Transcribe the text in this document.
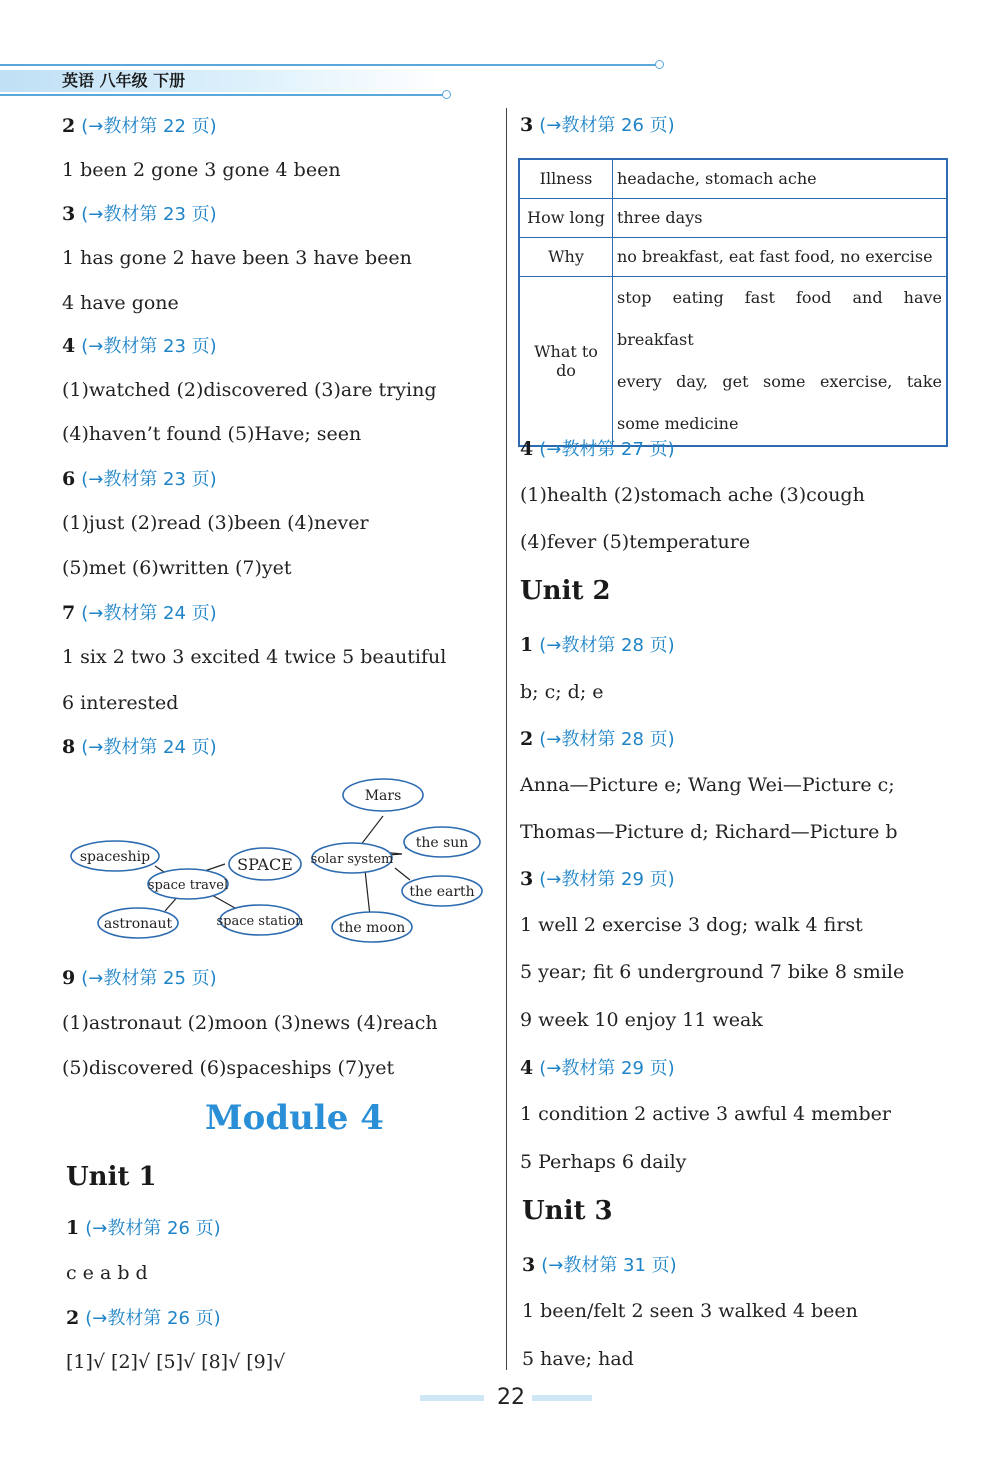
英语 八年级 下册
2 (→教材第 22 页)
1 been 2 gone 3 gone 4 been
3 (→教材第 23 页)
1 has gone 2 have been 3 have been
4 have gone
4 (→教材第 23 页)
(1)watched (2)discovered (3)are trying
(4)haven’t found (5)Have; seen
6 (→教材第 23 页)
(1)just (2)read (3)been (4)never
(5)met (6)written (7)yet
7 (→教材第 24 页)
1 six 2 two 3 excited 4 twice 5 beautiful
6 interested
8 (→教材第 24 页)
Mars
spaceship	SPACE solar system
the sun
space travel	the earth
astronaut	space station	the moon
9 (→教材第 25 页)
(1)astronaut (2)moon (3)news (4)reach
(5)discovered (6)spaceships (7)yet
Module 4
Unit 1
1 (→教材第 26 页)
c e a b d
2 (→教材第 26 页)
[1]√ [2]√ [5]√ [8]√ [9]√
3 (→教材第 26 页)
Illness	headache, stomach ache
How long	three days
Why	no breakfast, eat fast food, no exercise
What to do	stop eating fast food and have breakfast
every day, get some exercise, take
some medicine
4 (→教材第 27 页)
(1)health (2)stomach ache (3)cough
(4)fever (5)temperature
Unit 2
1 (→教材第 28 页)
b; c; d; e
2 (→教材第 28 页)
Anna—Picture e; Wang Wei—Picture c;
Thomas—Picture d; Richard—Picture b
3 (→教材第 29 页)
1 well 2 exercise 3 dog; walk 4 first
5 year; fit 6 underground 7 bike 8 smile
9 week 10 enjoy 11 weak
4 (→教材第 29 页)
1 condition 2 active 3 awful 4 member
5 Perhaps 6 daily
Unit 3
3 (→教材第 31 页)
1 been/felt 2 seen 3 walked 4 been
5 have; had
22
